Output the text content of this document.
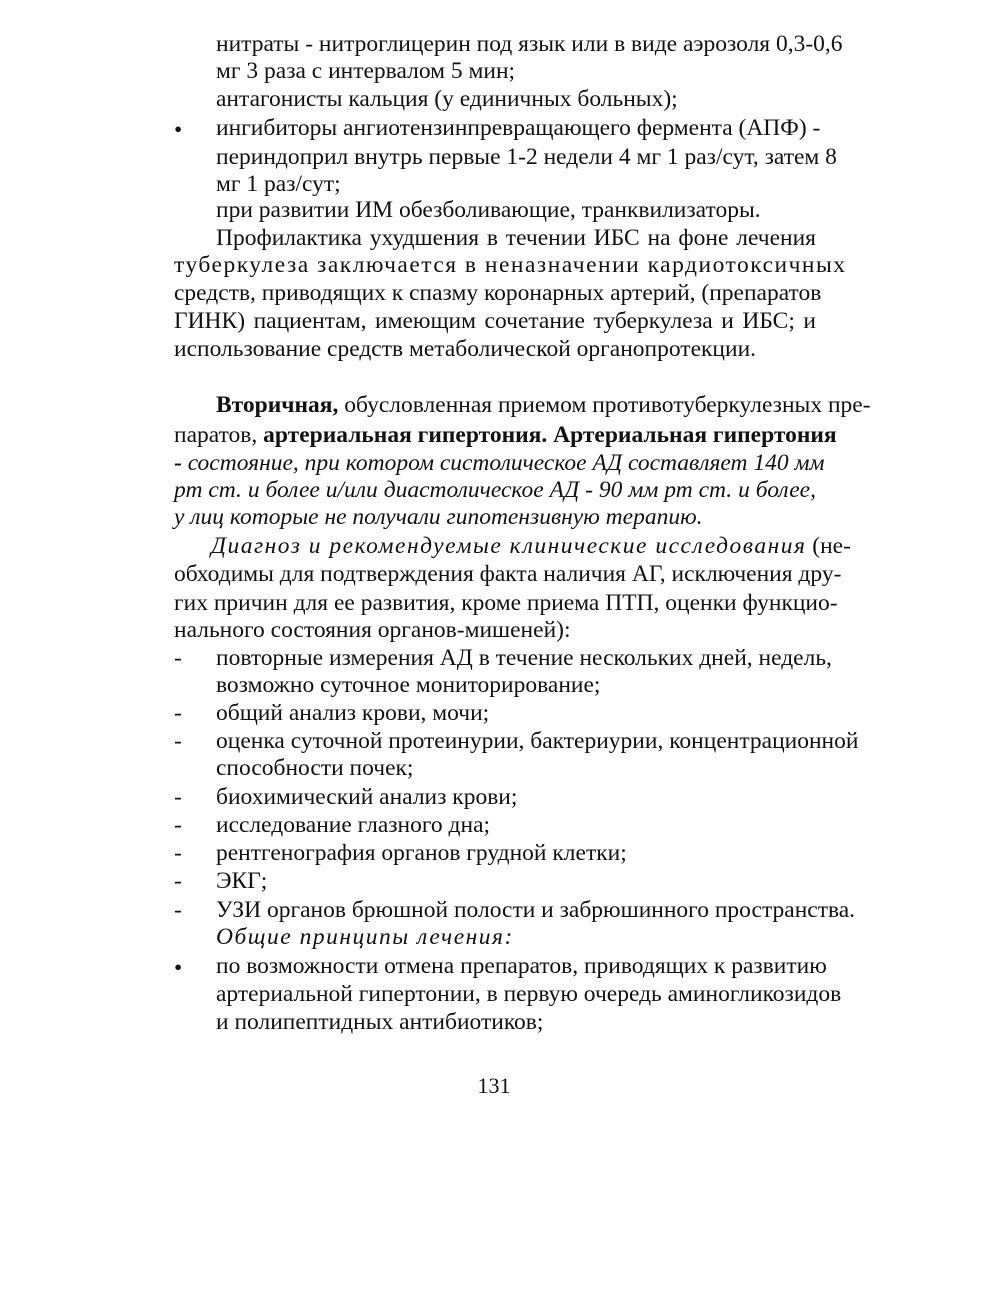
нитраты - нитроглицерин под язык или в виде аэрозоля 0,3-0,6

мг 3 раза с интервалом 5 мин;

антагонисты кальция (у единичных больных);

• ингибиторы ангиотензинпревращающего фермента (АПФ) -

периндоприл внутрь первые 1-2 недели 4 мг 1 раз/сут, затем 8

мг 1 раз/сут;

при развитии ИМ обезболивающие, транквилизаторы.

Профилактика ухудшения в течении ИБС на фоне лечения

туберкулеза заключается в неназначении кардиотоксичных

средств, приводящих к спазму коронарных артерий, (препаратов

ГИНК) пациентам, имеющим сочетание туберкулеза и ИБС; и

использование средств метаболической органопротекции.

Вторичная, обусловленная приемом противотуберкулезных пре-

паратов, артериальная гипертония. Артериальная гипертония

- состояние, при котором систолическое АД составляет 140 мм

рт ст. и более и/или диастолическое АД - 90 мм рт ст. и более,

у лиц которые не получали гипотензивную терапию.

Диагноз и рекомендуемые клинические исследования (не-

обходимы для подтверждения факта наличия АГ, исключения дру-

гих причин для ее развития, кроме приема ПТП, оценки функцио-

нального состояния органов-мишеней):

- повторные измерения АД в течение нескольких дней, недель,

возможно суточное мониторирование;

- общий анализ крови, мочи;

- оценка суточной протеинурии, бактериурии, концентрационной

способности почек;

- биохимический анализ крови;

- исследование глазного дна;

- рентгенография органов грудной клетки;

- ЭКГ;

- УЗИ органов брюшной полости и забрюшинного пространства.

Общие принципы лечения:

• по возможности отмена препаратов, приводящих к развитию

артериальной гипертонии, в первую очередь аминогликозидов

и полипептидных антибиотиков;

131
